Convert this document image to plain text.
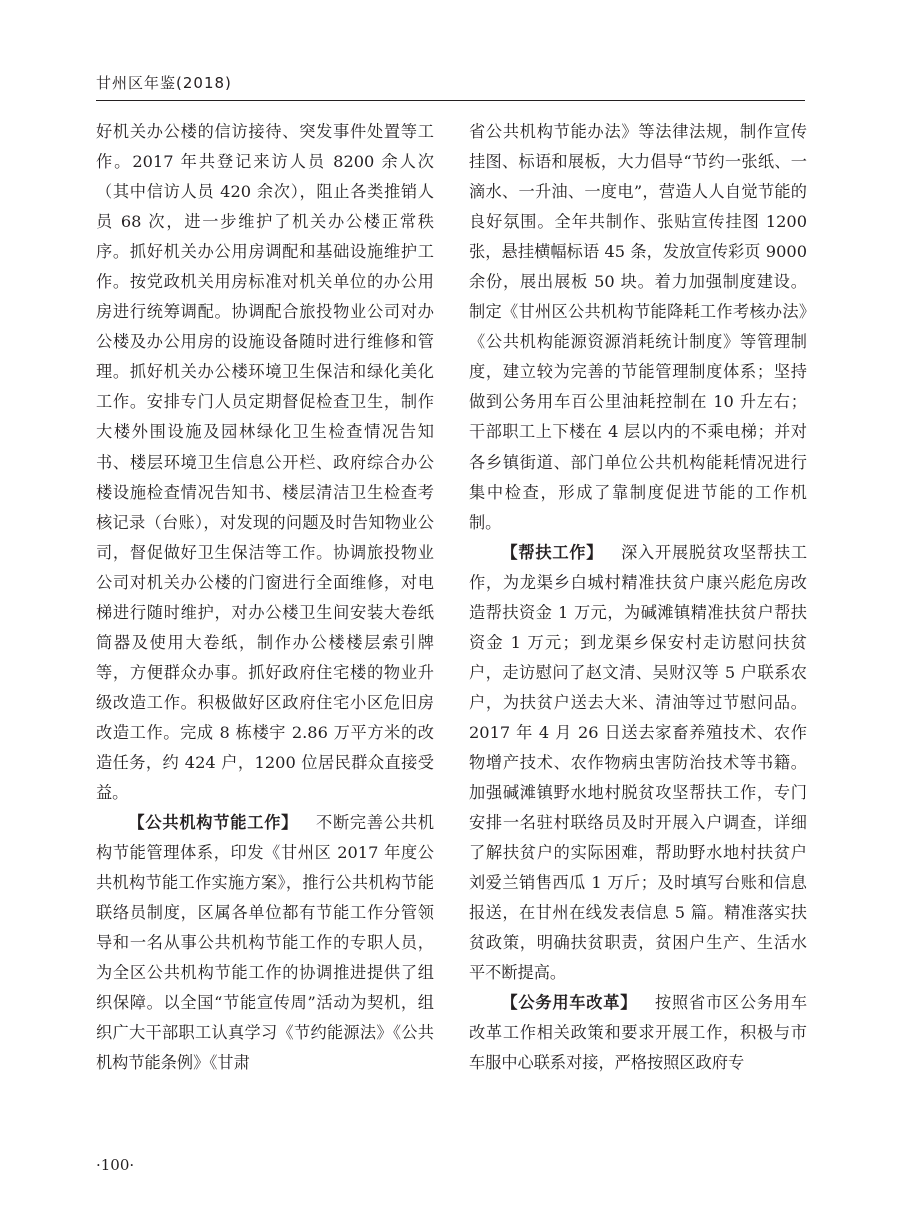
甘州区年鉴(2018)

好机关办公楼的信访接待、突发事件处置等工作。2017 年共登记来访人员 8200 余人次（其中信访人员 420 余次），阻止各类推销人员 68 次，进一步维护了机关办公楼正常秩序。抓好机关办公用房调配和基础设施维护工作。按党政机关用房标准对机关单位的办公用房进行统筹调配。协调配合旅投物业公司对办公楼及办公用房的设施设备随时进行维修和管理。抓好机关办公楼环境卫生保洁和绿化美化工作。安排专门人员定期督促检查卫生，制作大楼外围设施及园林绿化卫生检查情况告知书、楼层环境卫生信息公开栏、政府综合办公楼设施检查情况告知书、楼层清洁卫生检查考核记录（台账），对发现的问题及时告知物业公司，督促做好卫生保洁等工作。协调旅投物业公司对机关办公楼的门窗进行全面维修，对电梯进行随时维护，对办公楼卫生间安装大卷纸筒器及使用大卷纸，制作办公楼楼层索引牌等，方便群众办事。抓好政府住宅楼的物业升级改造工作。积极做好区政府住宅小区危旧房改造工作。完成 8 栋楼宇 2.86 万平方米的改造任务，约 424 户，1200 位居民群众直接受益。

【公共机构节能工作】 不断完善公共机构节能管理体系，印发《甘州区 2017 年度公共机构节能工作实施方案》，推行公共机构节能联络员制度，区属各单位都有节能工作分管领导和一名从事公共机构节能工作的专职人员，为全区公共机构节能工作的协调推进提供了组织保障。以全国“节能宣传周”活动为契机，组织广大干部职工认真学习《节约能源法》《公共机构节能条例》《甘肃

省公共机构节能办法》等法律法规，制作宣传挂图、标语和展板，大力倡导“节约一张纸、一滴水、一升油、一度电”，营造人人自觉节能的良好氛围。全年共制作、张贴宣传挂图 1200 张，悬挂横幅标语 45 条，发放宣传彩页 9000 余份，展出展板 50 块。着力加强制度建设。制定《甘州区公共机构节能降耗工作考核办法》《公共机构能源资源消耗统计制度》等管理制度，建立较为完善的节能管理制度体系；坚持做到公务用车百公里油耗控制在 10 升左右；干部职工上下楼在 4 层以内的不乘电梯；并对各乡镇街道、部门单位公共机构能耗情况进行集中检查，形成了靠制度促进节能的工作机制。

【帮扶工作】 深入开展脱贫攻坚帮扶工作，为龙渠乡白城村精准扶贫户康兴彪危房改造帮扶资金 1 万元，为碱滩镇精准扶贫户帮扶资金 1 万元；到龙渠乡保安村走访慰问扶贫户，走访慰问了赵文清、吴财汉等 5 户联系农户，为扶贫户送去大米、清油等过节慰问品。2017 年 4 月 26 日送去家畜养殖技术、农作物增产技术、农作物病虫害防治技术等书籍。加强碱滩镇野水地村脱贫攻坚帮扶工作，专门安排一名驻村联络员及时开展入户调查，详细了解扶贫户的实际困难，帮助野水地村扶贫户刘爱兰销售西瓜 1 万斤；及时填写台账和信息报送，在甘州在线发表信息 5 篇。精准落实扶贫政策，明确扶贫职责，贫困户生产、生活水平不断提高。

【公务用车改革】 按照省市区公务用车改革工作相关政策和要求开展工作，积极与市车服中心联系对接，严格按照区政府专

·100·
